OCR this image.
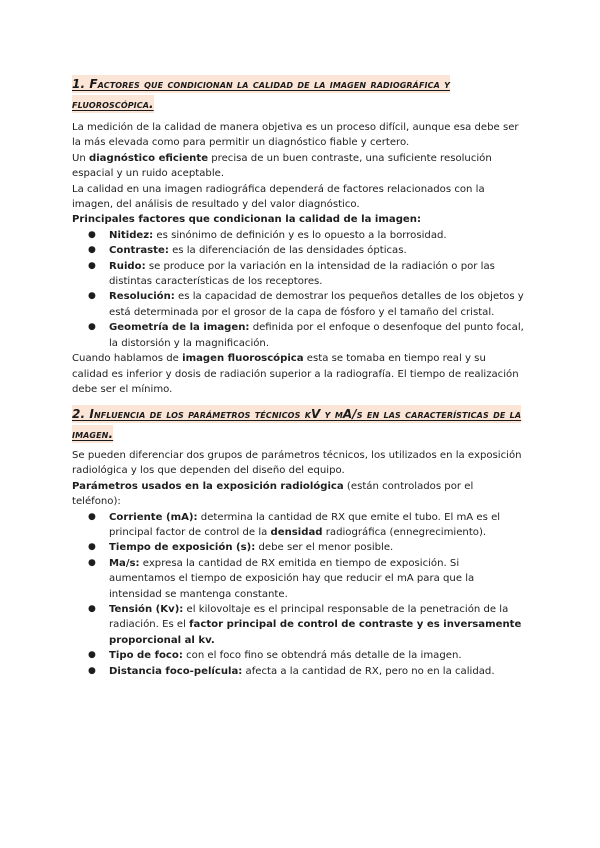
1. Factores que condicionan la calidad de la imagen radiográfica y fluoroscópica.

La medición de la calidad de manera objetiva es un proceso difícil, aunque esa debe ser la más elevada como para permitir un diagnóstico fiable y certero.

Un diagnóstico eficiente precisa de un buen contraste, una suficiente resolución espacial y un ruido aceptable.

La calidad en una imagen radiográfica dependerá de factores relacionados con la imagen, del análisis de resultado y del valor diagnóstico.

Principales factores que condicionan la calidad de la imagen:

● Nitidez: es sinónimo de definición y es lo opuesto a la borrosidad.
● Contraste: es la diferenciación de las densidades ópticas.
● Ruido: se produce por la variación en la intensidad de la radiación o por las distintas características de los receptores.
● Resolución: es la capacidad de demostrar los pequeños detalles de los objetos y está determinada por el grosor de la capa de fósforo y el tamaño del cristal.
● Geometría de la imagen: definida por el enfoque o desenfoque del punto focal, la distorsión y la magnificación.

Cuando hablamos de imagen fluoroscópica esta se tomaba en tiempo real y su calidad es inferior y dosis de radiación superior a la radiografía. El tiempo de realización debe ser el mínimo.

2. Influencia de los parámetros técnicos kV y mA/s en las características de la imagen.

Se pueden diferenciar dos grupos de parámetros técnicos, los utilizados en la exposición radiológica y los que dependen del diseño del equipo.

Parámetros usados en la exposición radiológica (están controlados por el teléfono):

● Corriente (mA): determina la cantidad de RX que emite el tubo. El mA es el principal factor de control de la densidad radiográfica (ennegrecimiento).
● Tiempo de exposición (s): debe ser el menor posible.
● Ma/s: expresa la cantidad de RX emitida en tiempo de exposición. Si aumentamos el tiempo de exposición hay que reducir el mA para que la intensidad se mantenga constante.
● Tensión (Kv): el kilovoltaje es el principal responsable de la penetración de la radiación. Es el factor principal de control de contraste y es inversamente proporcional al kv.
● Tipo de foco: con el foco fino se obtendrá más detalle de la imagen.
● Distancia foco-película: afecta a la cantidad de RX, pero no en la calidad.
